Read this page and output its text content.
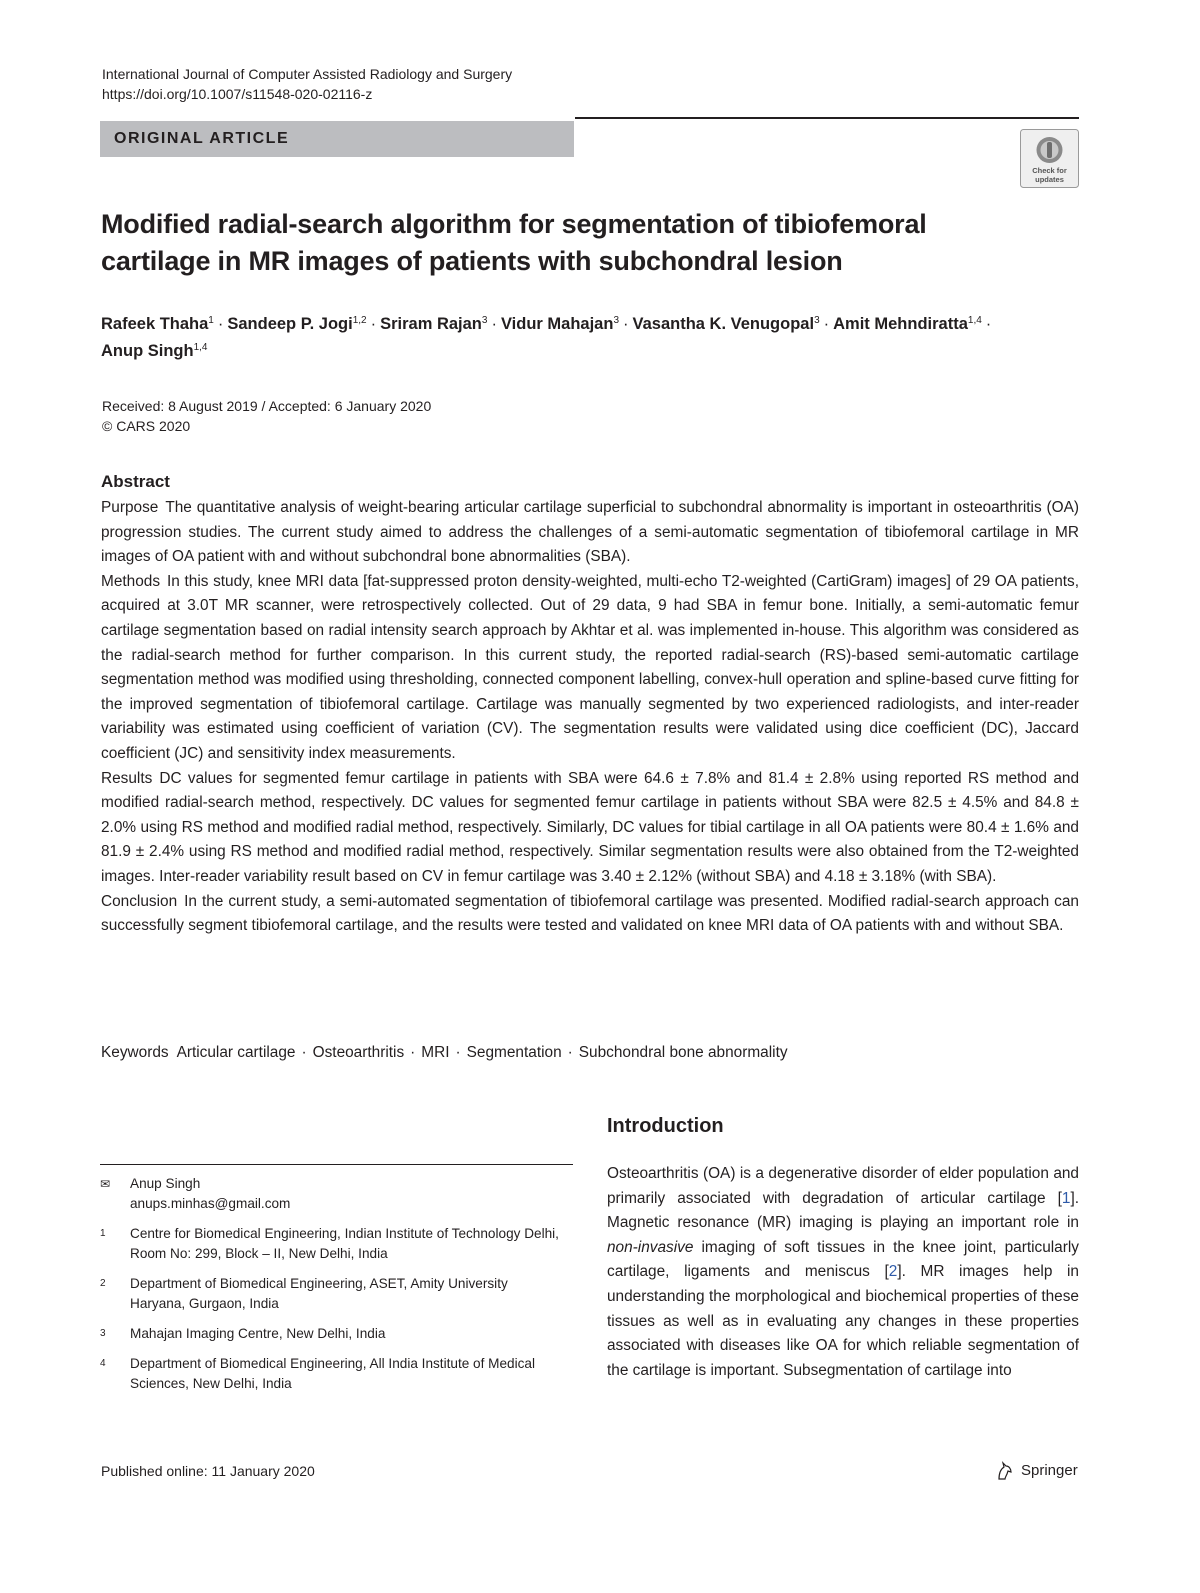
International Journal of Computer Assisted Radiology and Surgery
https://doi.org/10.1007/s11548-020-02116-z
ORIGINAL ARTICLE
Check for
updates
Modified radial-search algorithm for segmentation of tibiofemoral
cartilage in MR images of patients with subchondral lesion
Rafeek Thaha$^1$ · Sandeep P. Jogi$^{1,2}$ · Sriram Rajan$^3$ · Vidur Mahajan$^3$ · Vasantha K. Venugopal$^3$ · Amit Mehndiratta$^{1,4}$ ·
Anup Singh$^{1,4}$
Received: 8 August 2019 / Accepted: 6 January 2020
© CARS 2020
Abstract

Purpose The quantitative analysis of weight-bearing articular cartilage superficial to subchondral abnormality is important in osteoarthritis (OA) progression studies. The current study aimed to address the challenges of a semi-automatic segmentation of tibiofemoral cartilage in MR images of OA patient with and without subchondral bone abnormalities (SBA).

Methods In this study, knee MRI data [fat-suppressed proton density-weighted, multi-echo T2-weighted (CartiGram) images] of 29 OA patients, acquired at 3.0T MR scanner, were retrospectively collected. Out of 29 data, 9 had SBA in femur bone. Initially, a semi-automatic femur cartilage segmentation based on radial intensity search approach by Akhtar et al. was implemented in-house. This algorithm was considered as the radial-search method for further comparison. In this current study, the reported radial-search (RS)-based semi-automatic cartilage segmentation method was modified using thresholding, connected component labelling, convex-hull operation and spline-based curve fitting for the improved segmentation of tibiofemoral cartilage. Cartilage was manually segmented by two experienced radiologists, and inter-reader variability was estimated using coefficient of variation (CV). The segmentation results were validated using dice coefficient (DC), Jaccard coefficient (JC) and sensitivity index measurements.

Results DC values for segmented femur cartilage in patients with SBA were 64.6 ± 7.8% and 81.4 ± 2.8% using reported RS method and modified radial-search method, respectively. DC values for segmented femur cartilage in patients without SBA were 82.5 ± 4.5% and 84.8 ± 2.0% using RS method and modified radial method, respectively. Similarly, DC values for tibial cartilage in all OA patients were 80.4 ± 1.6% and 81.9 ± 2.4% using RS method and modified radial method, respectively. Similar segmentation results were also obtained from the T2-weighted images. Inter-reader variability result based on CV in femur cartilage was 3.40 ± 2.12% (without SBA) and 4.18 ± 3.18% (with SBA).

Conclusion In the current study, a semi-automated segmentation of tibiofemoral cartilage was presented. Modified radial-search approach can successfully segment tibiofemoral cartilage, and the results were tested and validated on knee MRI data of OA patients with and without SBA.

Keywords Articular cartilage · Osteoarthritis · MRI · Segmentation · Subchondral bone abnormality
✉ Anup Singh
anups.minhas@gmail.com
1 Centre for Biomedical Engineering, Indian Institute of Technology Delhi, Room No: 299, Block – II, New Delhi, India
2 Department of Biomedical Engineering, ASET, Amity University Haryana, Gurgaon, India
3 Mahajan Imaging Centre, New Delhi, India
4 Department of Biomedical Engineering, All India Institute of Medical Sciences, New Delhi, India
Introduction

Osteoarthritis (OA) is a degenerative disorder of elder population and primarily associated with degradation of articular cartilage [1]. Magnetic resonance (MR) imaging is playing an important role in non-invasive imaging of soft tissues in the knee joint, particularly cartilage, ligaments and meniscus [2]. MR images help in understanding the morphological and biochemical properties of these tissues as well as in evaluating any changes in these properties associated with diseases like OA for which reliable segmentation of the cartilage is important. Subsegmentation of cartilage into

Published online: 11 January 2020	Springer
